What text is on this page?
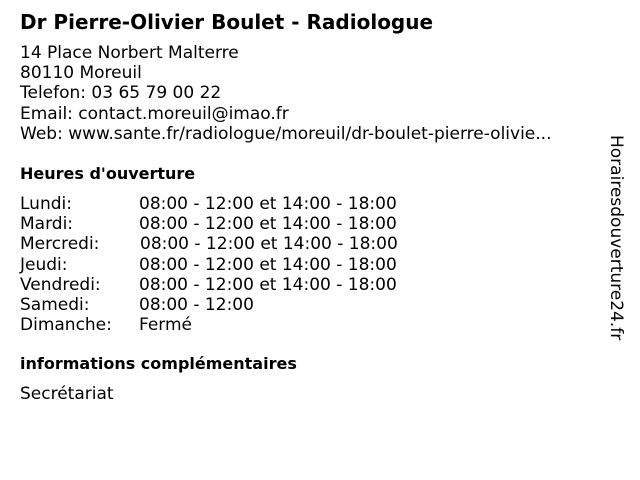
Dr Pierre-Olivier Boulet - Radiologue
14 Place Norbert Malterre
80110 Moreuil
Telefon: 03 65 79 00 22
Email: contact.moreuil@imao.fr
Web: www.sante.fr/radiologue/moreuil/dr-boulet-pierre-olivie...
Heures d'ouverture
Lundi:	08:00 - 12:00 et 14:00 - 18:00
Mardi:	08:00 - 12:00 et 14:00 - 18:00
Mercredi: 08:00 - 12:00 et 14:00 - 18:00
Jeudi:	08:00 - 12:00 et 14:00 - 18:00
Vendredi: 08:00 - 12:00 et 14:00 - 18:00
Samedi:	08:00 - 12:00
Dimanche: Fermé
informations complémentaires
Secrétariat
Horairesdouverture24.fr
